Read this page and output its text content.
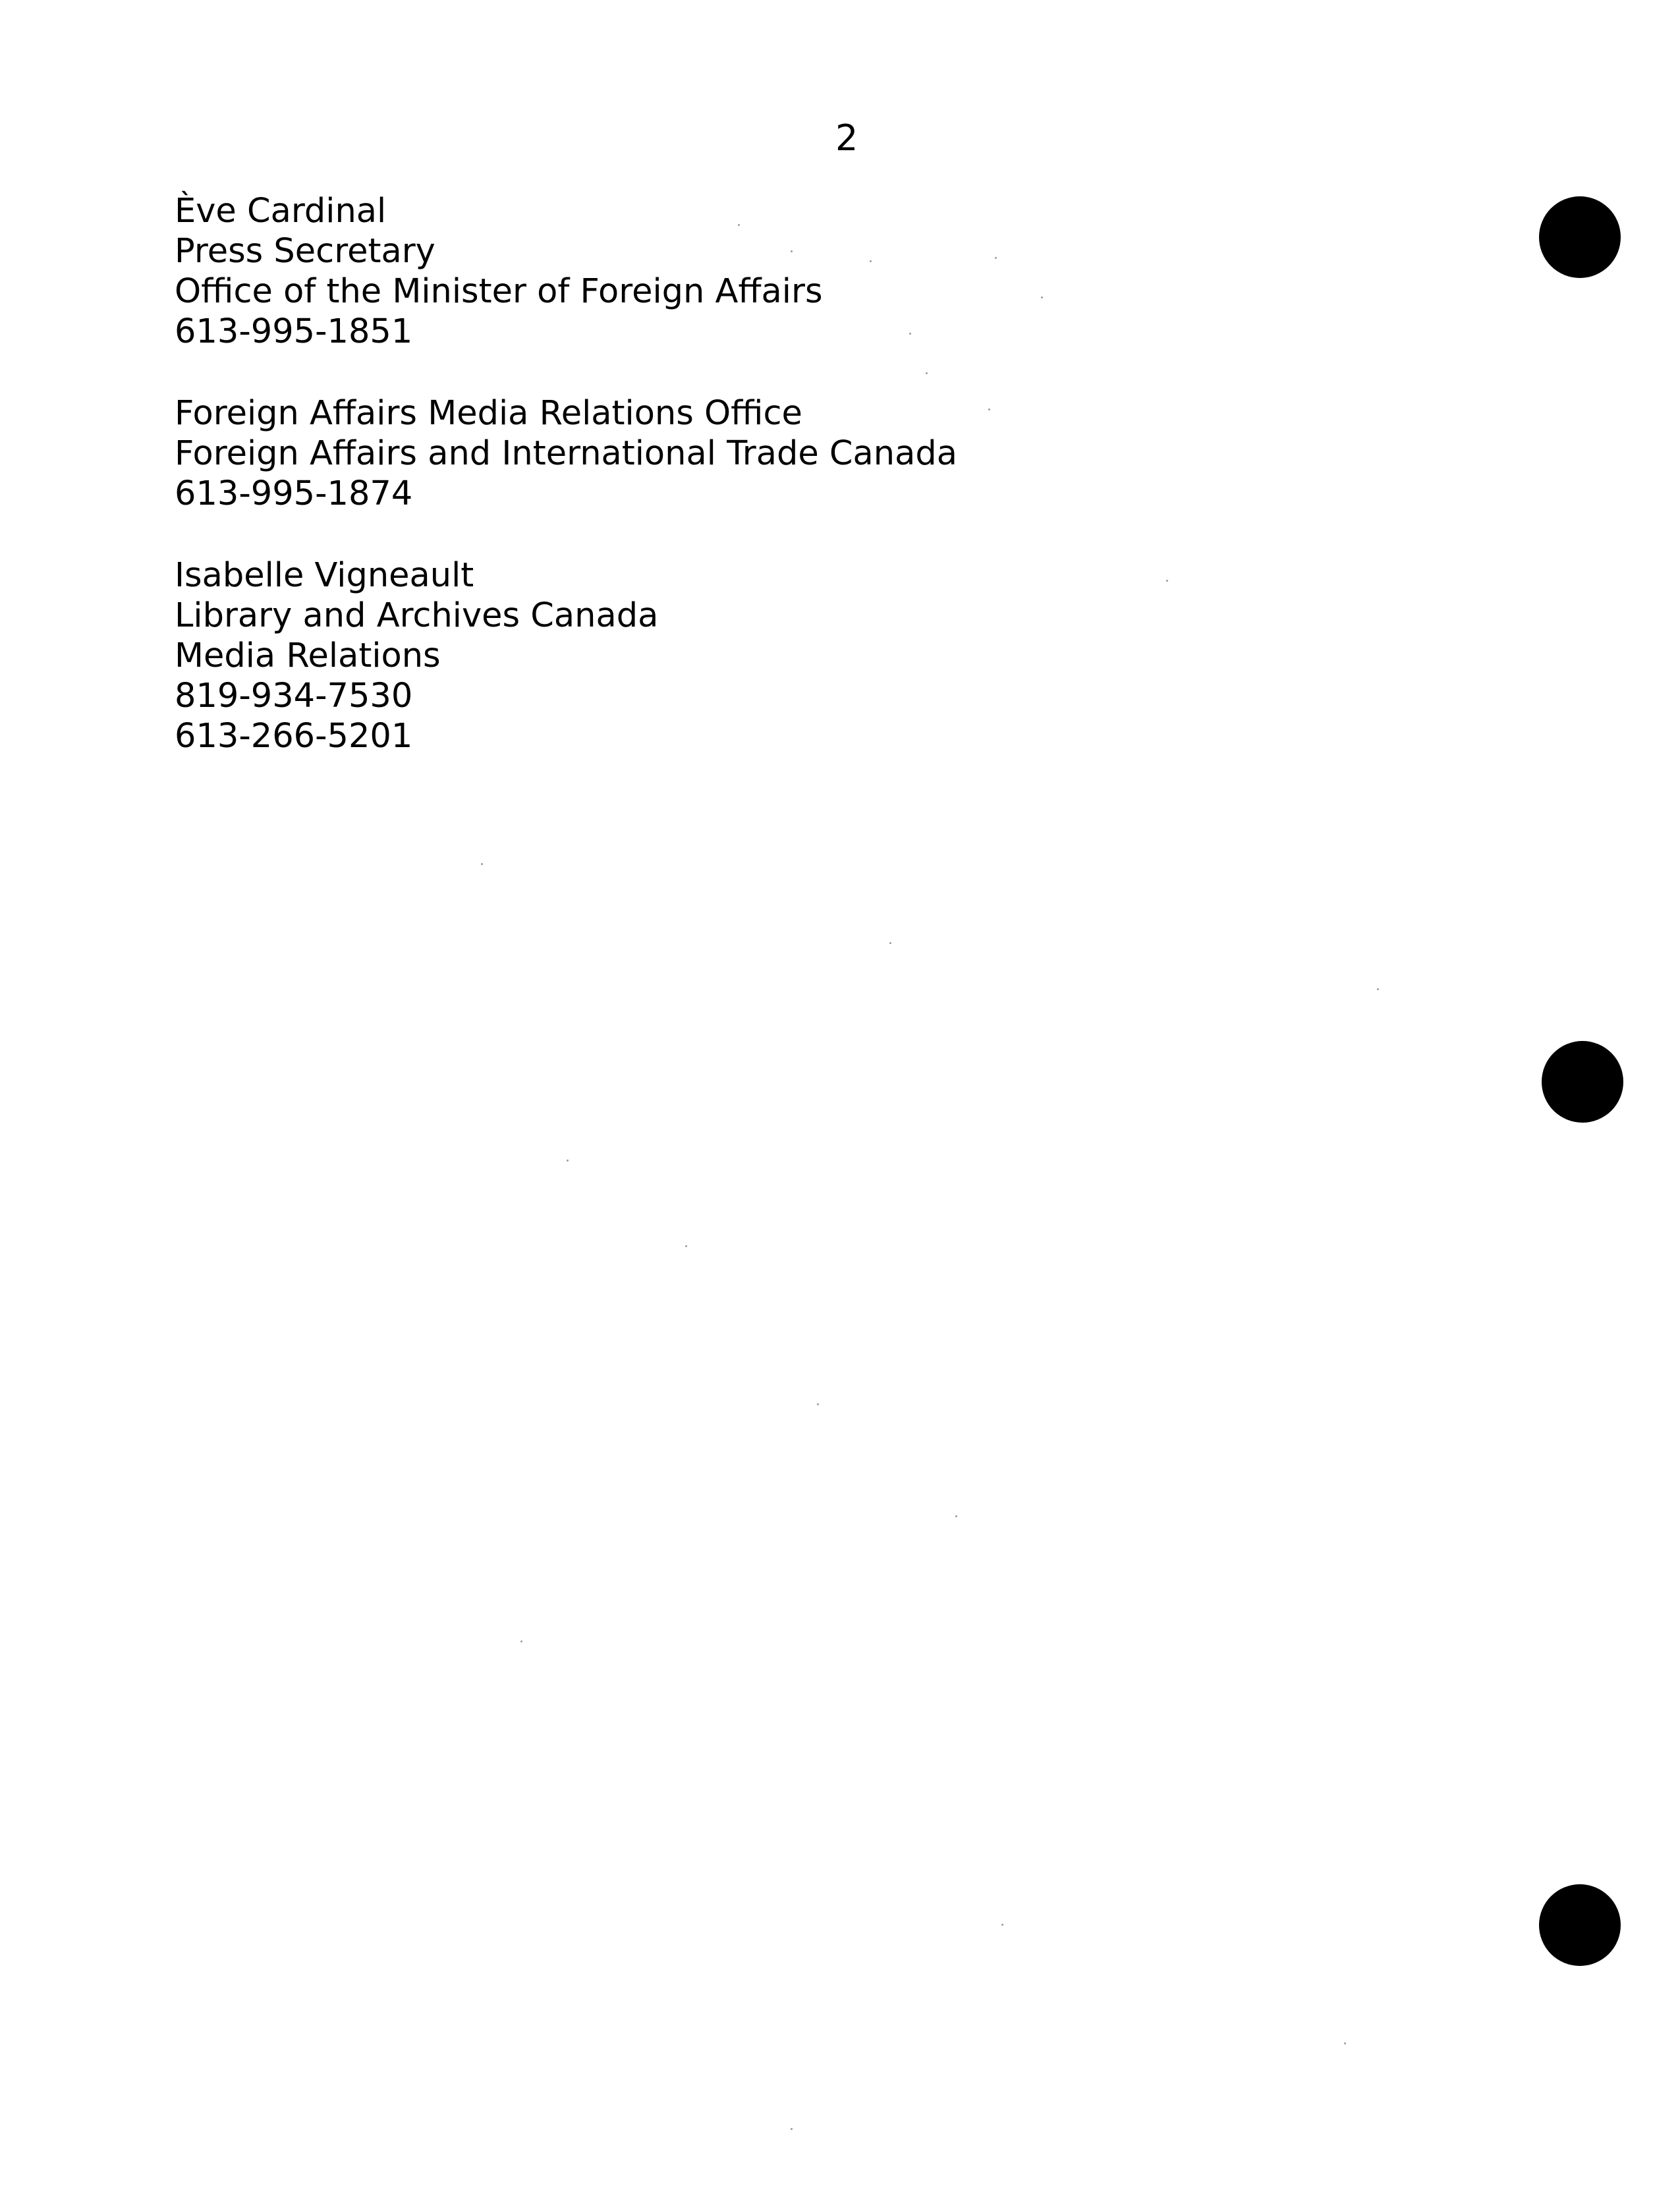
2

Ève Cardinal
Press Secretary
Office of the Minister of Foreign Affairs
613-995-1851
Foreign Affairs Media Relations Office
Foreign Affairs and International Trade Canada
613-995-1874
Isabelle Vigneault
Library and Archives Canada
Media Relations
819-934-7530
613-266-5201
